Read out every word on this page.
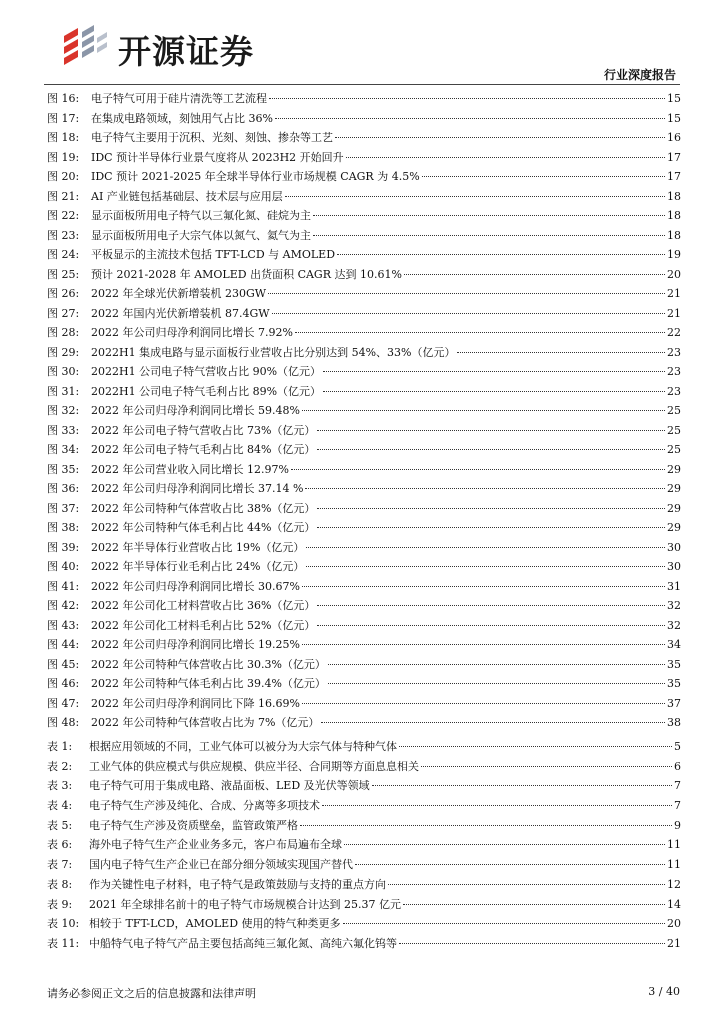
开源证券
行业深度报告
图 16:	电子特气可用于硅片清洗等工艺流程	15
图 17:	在集成电路领域，刻蚀用气占比 36%	15
图 18:	电子特气主要用于沉积、光刻、刻蚀、掺杂等工艺	16
图 19:	IDC 预计半导体行业景气度将从 2023H2 开始回升	17
图 20:	IDC 预计 2021-2025 年全球半导体行业市场规模 CAGR 为 4.5%	17
图 21:	AI 产业链包括基础层、技术层与应用层	18
图 22:	显示面板所用电子特气以三氟化氮、硅烷为主	18
图 23:	显示面板所用电子大宗气体以氮气、氦气为主	18
图 24:	平板显示的主流技术包括 TFT-LCD 与 AMOLED	19
图 25:	预计 2021-2028 年 AMOLED 出货面积 CAGR 达到 10.61%	20
图 26:	2022 年全球光伏新增装机 230GW	21
图 27:	2022 年国内光伏新增装机 87.4GW	21
图 28:	2022 年公司归母净利润同比增长 7.92%	22
图 29:	2022H1 集成电路与显示面板行业营收占比分别达到 54%、33%（亿元）	23
图 30:	2022H1 公司电子特气营收占比 90%（亿元）	23
图 31:	2022H1 公司电子特气毛利占比 89%（亿元）	23
图 32:	2022 年公司归母净利润同比增长 59.48%	25
图 33:	2022 年公司电子特气营收占比 73%（亿元）	25
图 34:	2022 年公司电子特气毛利占比 84%（亿元）	25
图 35:	2022 年公司营业收入同比增长 12.97%	29
图 36:	2022 年公司归母净利润同比增长 37.14 %	29
图 37:	2022 年公司特种气体营收占比 38%（亿元）	29
图 38:	2022 年公司特种气体毛利占比 44%（亿元）	29
图 39:	2022 年半导体行业营收占比 19%（亿元）	30
图 40:	2022 年半导体行业毛利占比 24%（亿元）	30
图 41:	2022 年公司归母净利润同比增长 30.67%	31
图 42:	2022 年公司化工材料营收占比 36%（亿元）	32
图 43:	2022 年公司化工材料毛利占比 52%（亿元）	32
图 44:	2022 年公司归母净利润同比增长 19.25%	34
图 45:	2022 年公司特种气体营收占比 30.3%（亿元）	35
图 46:	2022 年公司特种气体毛利占比 39.4%（亿元）	35
图 47:	2022 年公司归母净利润同比下降 16.69%	37
图 48:	2022 年公司特种气体营收占比为 7%（亿元）	38
表 1:	根据应用领域的不同，工业气体可以被分为大宗气体与特种气体	5
表 2:	工业气体的供应模式与供应规模、供应半径、合同期等方面息息相关	6
表 3:	电子特气可用于集成电路、液晶面板、LED 及光伏等领域	7
表 4:	电子特气生产涉及纯化、合成、分离等多项技术	7
表 5:	电子特气生产涉及资质壁垒，监管政策严格	9
表 6:	海外电子特气生产企业业务多元，客户布局遍布全球	11
表 7:	国内电子特气生产企业已在部分细分领域实现国产替代	11
表 8:	作为关键性电子材料，电子特气是政策鼓励与支持的重点方向	12
表 9:	2021 年全球排名前十的电子特气市场规模合计达到 25.37 亿元	14
表 10: 相较于 TFT-LCD，AMOLED 使用的特气种类更多	20
表 11: 中船特气电子特气产品主要包括高纯三氟化氮、高纯六氟化钨等	21
请务必参阅正文之后的信息披露和法律声明	3 / 40
